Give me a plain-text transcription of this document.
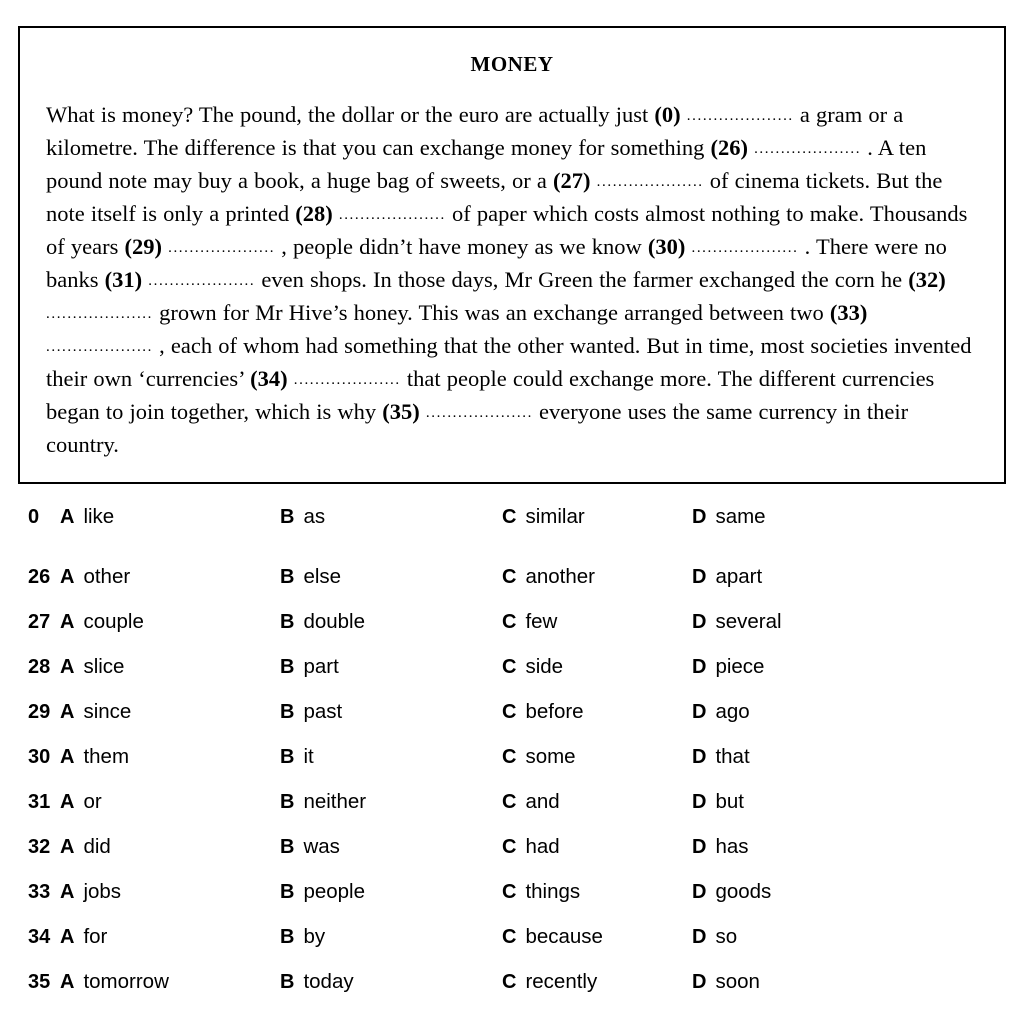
MONEY
What is money? The pound, the dollar or the euro are actually just (0) .................... a gram or a kilometre. The difference is that you can exchange money for something (26) .................... . A ten pound note may buy a book, a huge bag of sweets, or a (27) .................... of cinema tickets. But the note itself is only a printed (28) .................... of paper which costs almost nothing to make. Thousands of years (29) .................... , people didn’t have money as we know (30) .................... . There were no banks (31) .................... even shops. In those days, Mr Green the farmer exchanged the corn he (32) .................... grown for Mr Hive’s honey. This was an exchange arranged between two (33) .................... , each of whom had something that the other wanted. But in time, most societies invented their own ‘currencies’ (34) .................... that people could exchange more. The different currencies began to join together, which is why (35) .................... everyone uses the same currency in their country.
0	A like	B as	C similar	D same
26 A other	B else	C another	D apart
27 A couple	B double	C few	D several
28 A slice	B part	C side	D piece
29 A since	B past	C before	D ago
30 A them	B it	C some	D that
31 A or	B neither	C and	D but
32 A did	B was	C had	D has
33 A jobs	B people	C things	D goods
34 A for	B by	C because	D so
35 A tomorrow	B today	C recently	D soon
